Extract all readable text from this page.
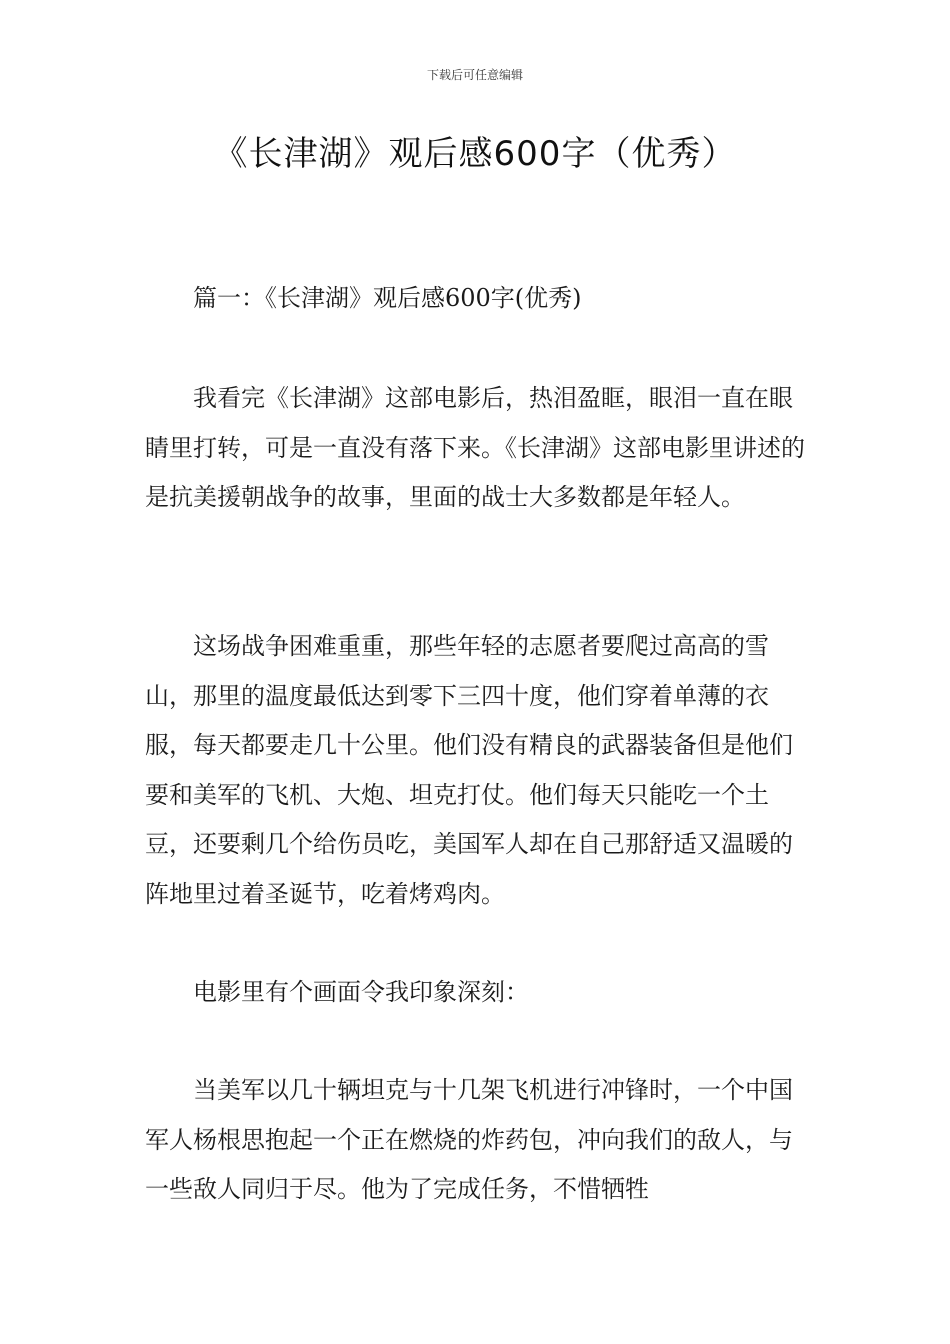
下载后可任意编辑
《长津湖》观后感600字（优秀）

篇一：《长津湖》观后感600字(优秀)

我看完《长津湖》这部电影后，热泪盈眶，眼泪一直在眼睛里打转，可是一直没有落下来。《长津湖》这部电影里讲述的是抗美援朝战争的故事，里面的战士大多数都是年轻人。

这场战争困难重重，那些年轻的志愿者要爬过高高的雪山，那里的温度最低达到零下三四十度，他们穿着单薄的衣服，每天都要走几十公里。他们没有精良的武器装备但是他们要和美军的飞机、大炮、坦克打仗。他们每天只能吃一个土豆，还要剩几个给伤员吃，美国军人却在自己那舒适又温暖的阵地里过着圣诞节，吃着烤鸡肉。

电影里有个画面令我印象深刻：

当美军以几十辆坦克与十几架飞机进行冲锋时，一个中国军人杨根思抱起一个正在燃烧的炸药包，冲向我们的敌人，与一些敌人同归于尽。他为了完成任务，不惜牺牲
